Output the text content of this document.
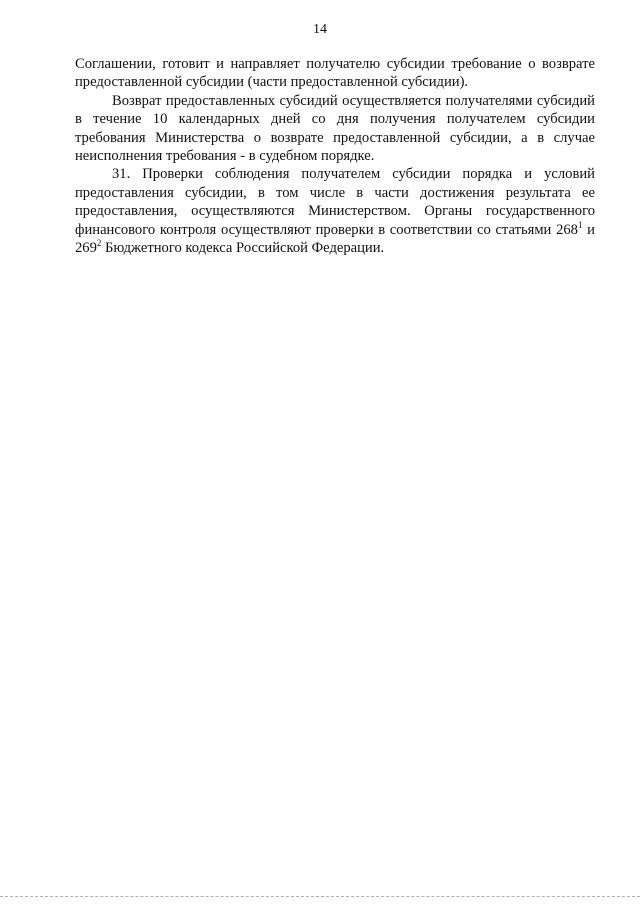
14

Соглашении, готовит и направляет получателю субсидии требование о возврате предоставленной субсидии (части предоставленной субсидии).

Возврат предоставленных субсидий осуществляется получателями субсидий в течение 10 календарных дней со дня получения получателем субсидии требования Министерства о возврате предоставленной субсидии, а в случае неисполнения требования - в судебном порядке.

31. Проверки соблюдения получателем субсидии порядка и условий предоставления субсидии, в том числе в части достижения результата ее предоставления, осуществляются Министерством. Органы государственного финансового контроля осуществляют проверки в соответствии со статьями $268^1$ и $269^2$ Бюджетного кодекса Российской Федерации.
